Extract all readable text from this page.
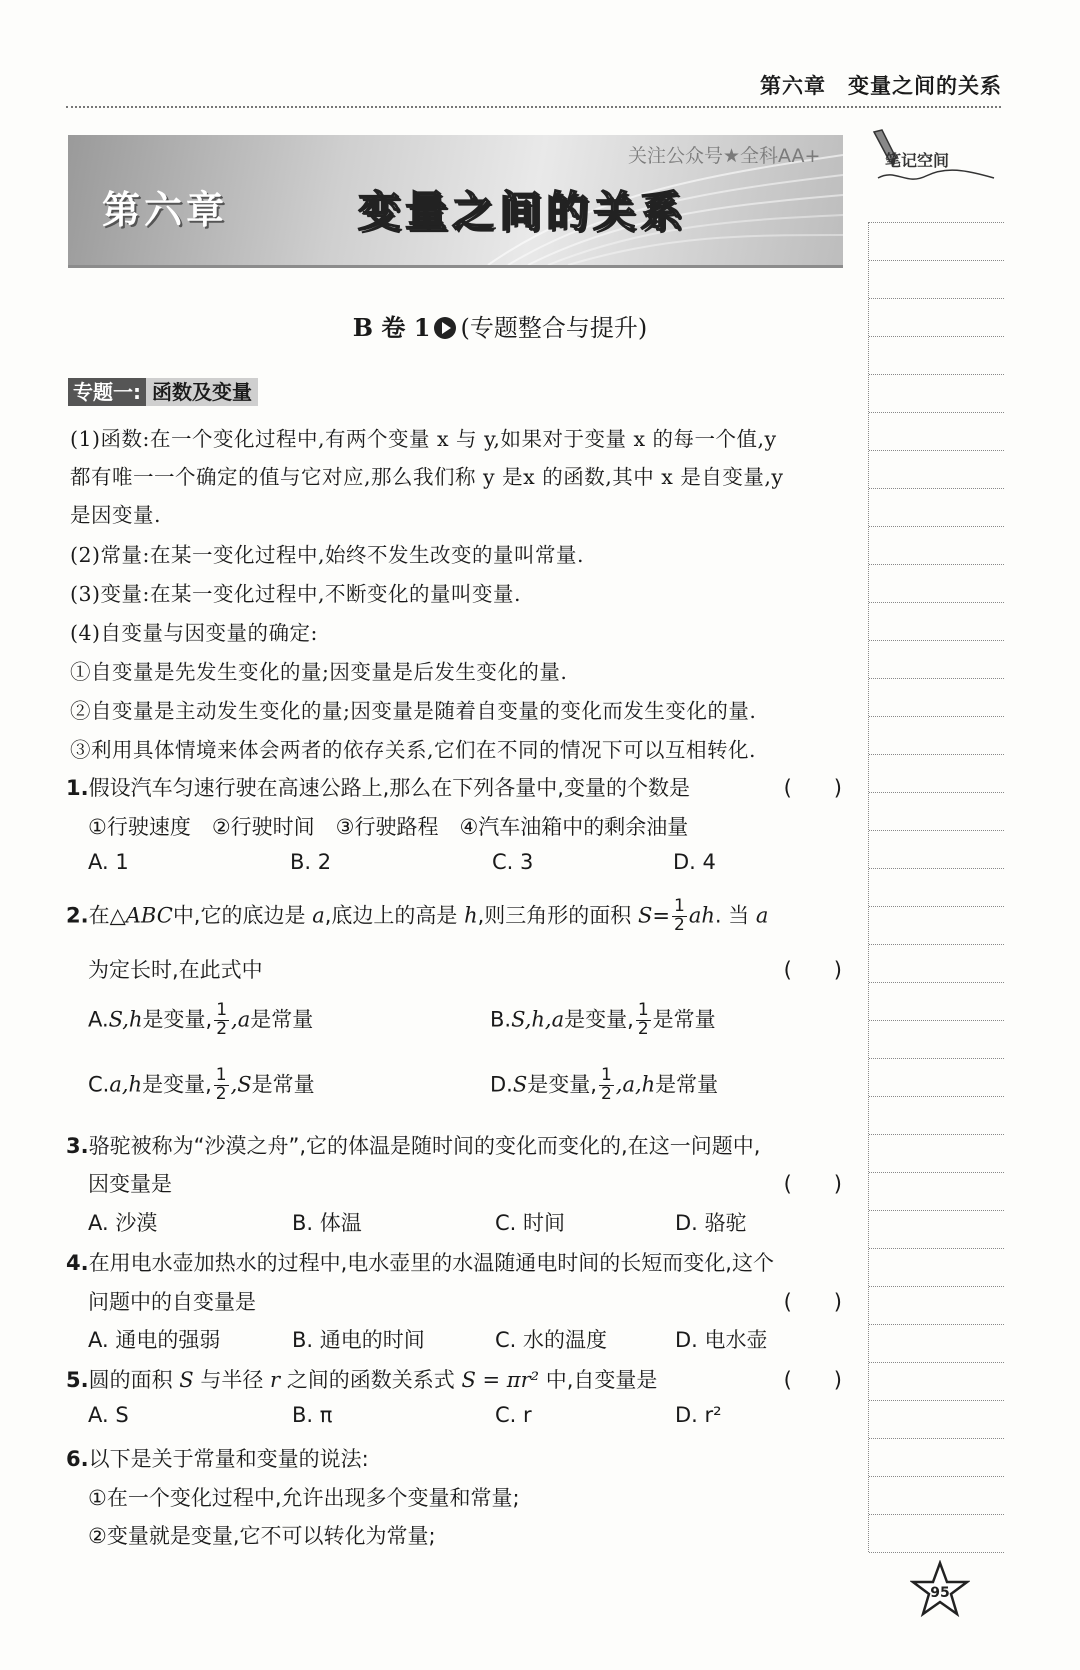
第六章 变量之间的关系
关注公众号★全科AA+
第六章	变量之间的关系
笔记空间
B 卷 1 (专题整合与提升)
专题一: 函数及变量
(1)函数:在一个变化过程中,有两个变量 x 与 y,如果对于变量 x 的每一个值,y
都有唯一一个确定的值与它对应,那么我们称 y 是x 的函数,其中 x 是自变量,y
是因变量.
(2)常量:在某一变化过程中,始终不发生改变的量叫常量.
(3)变量:在某一变化过程中,不断变化的量叫变量.
(4)自变量与因变量的确定:
①自变量是先发生变化的量;因变量是后发生变化的量.
②自变量是主动发生变化的量;因变量是随着自变量的变化而发生变化的量.
③利用具体情境来体会两者的依存关系,它们在不同的情况下可以互相转化.
1.假设汽车匀速行驶在高速公路上,那么在下列各量中,变量的个数是	(　　)
①行驶速度　②行驶时间　③行驶路程　④汽车油箱中的剩余油量
A. 1	B. 2	C. 3	D. 4
2.在△ABC中,它的底边是 a,底边上的高是 h,则三角形的面积 $S= \frac{1}{2}$ ah. 当 a
为定长时,在此式中	(　　)
A.S,h是变量, $\frac{1}{2} ,a$是常量	B.S,h,a是变量, $\frac{1}{2}$ 是常量
C.a,h是变量, $\frac{1}{2} ,S$是常量	D.S是变量, $\frac{1}{2} ,a,h$是常量
3.骆驼被称为“沙漠之舟”,它的体温是随时间的变化而变化的,在这一问题中,
因变量是	(　　)
A. 沙漠	B. 体温	C. 时间	D. 骆驼
4.在用电水壶加热水的过程中,电水壶里的水温随通电时间的长短而变化,这个
问题中的自变量是	(　　)
A. 通电的强弱	B. 通电的时间	C. 水的温度	D. 电水壶
5.圆的面积 S 与半径 r 之间的函数关系式 S = πr² 中,自变量是	(　　)
A. S	B. π	C. r	D. r²
6.以下是关于常量和变量的说法:
①在一个变化过程中,允许出现多个变量和常量;
②变量就是变量,它不可以转化为常量;
95
